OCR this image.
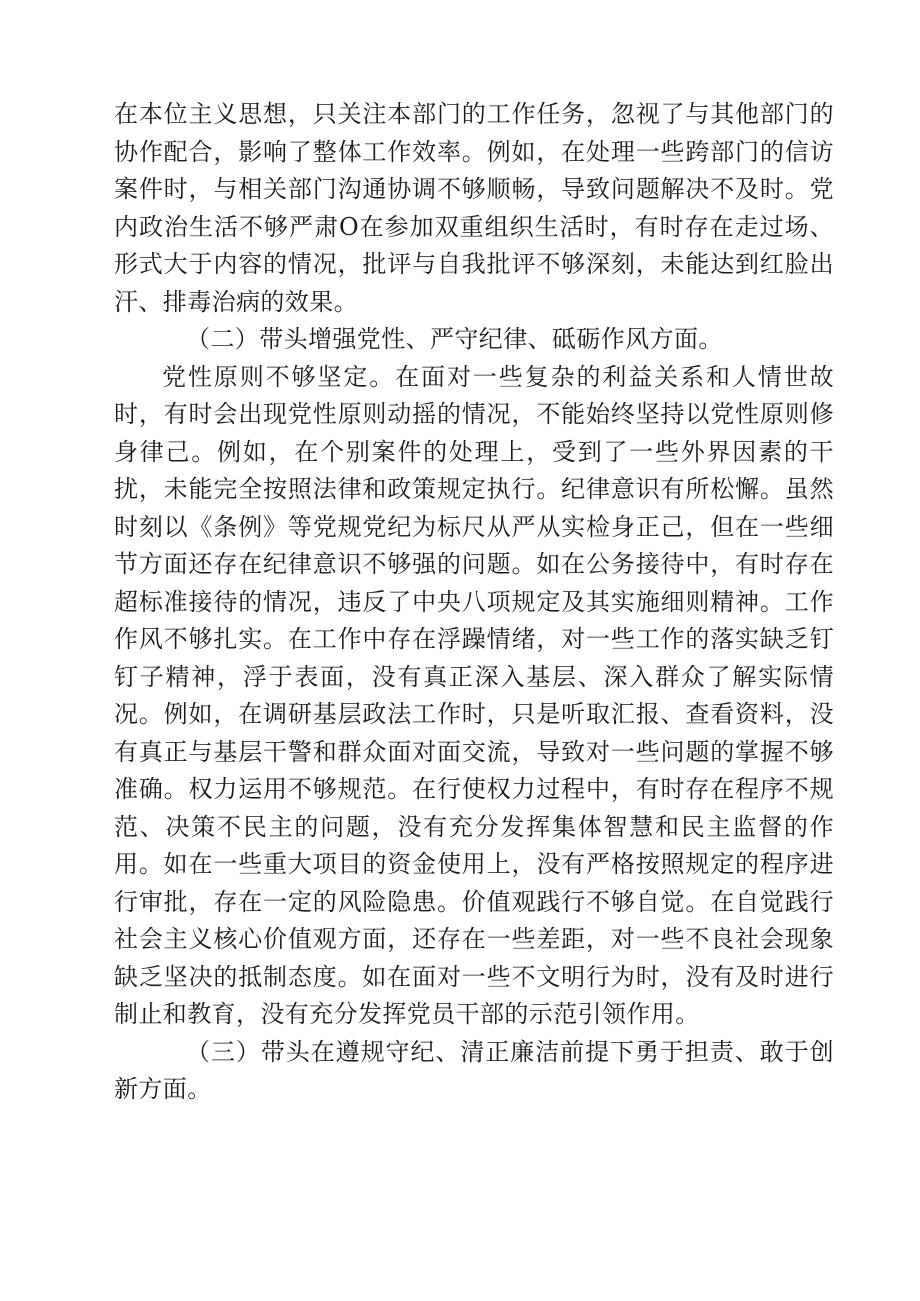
在本位主义思想，只关注本部门的工作任务，忽视了与其他部门的协作配合，影响了整体工作效率。例如，在处理一些跨部门的信访案件时，与相关部门沟通协调不够顺畅，导致问题解决不及时。党内政治生活不够严肃O在参加双重组织生活时，有时存在走过场、形式大于内容的情况，批评与自我批评不够深刻，未能达到红脸出汗、排毒治病的效果。

（二）带头增强党性、严守纪律、砥砺作风方面。

党性原则不够坚定。在面对一些复杂的利益关系和人情世故时，有时会出现党性原则动摇的情况，不能始终坚持以党性原则修身律己。例如，在个别案件的处理上，受到了一些外界因素的干扰，未能完全按照法律和政策规定执行。纪律意识有所松懈。虽然时刻以《条例》等党规党纪为标尺从严从实检身正己，但在一些细节方面还存在纪律意识不够强的问题。如在公务接待中，有时存在超标准接待的情况，违反了中央八项规定及其实施细则精神。工作作风不够扎实。在工作中存在浮躁情绪，对一些工作的落实缺乏钉钉子精神，浮于表面，没有真正深入基层、深入群众了解实际情况。例如，在调研基层政法工作时，只是听取汇报、查看资料，没有真正与基层干警和群众面对面交流，导致对一些问题的掌握不够准确。权力运用不够规范。在行使权力过程中，有时存在程序不规范、决策不民主的问题，没有充分发挥集体智慧和民主监督的作用。如在一些重大项目的资金使用上，没有严格按照规定的程序进行审批，存在一定的风险隐患。价值观践行不够自觉。在自觉践行社会主义核心价值观方面，还存在一些差距，对一些不良社会现象缺乏坚决的抵制态度。如在面对一些不文明行为时，没有及时进行制止和教育，没有充分发挥党员干部的示范引领作用。

（三）带头在遵规守纪、清正廉洁前提下勇于担责、敢于创新方面。
